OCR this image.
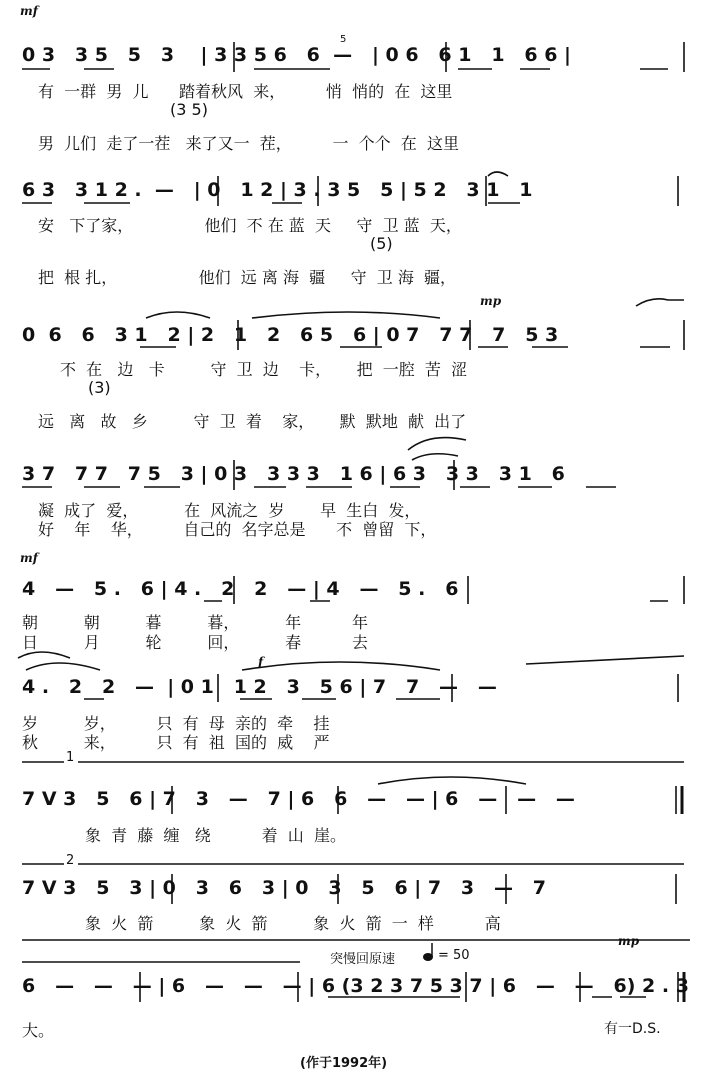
mf
mp
mf
f
mp
5
0 3   3 5   5   3    | 3 3 5 6   6  —   | 0 6   6 1   1   6 6 |
有  一群  男  儿      踏着秋风  来，        悄  悄的  在  这里
(3 5)
男  儿们  走了一茬   来了又一  茬，        一  个个  在  这里
6 3   3 1 2 .  —   | 0   1 2 | 3 . 3 5   5 | 5 2   3 1   1
安   下了家，              他们  不 在 蓝  天     守  卫 蓝  天，
(5)
把  根 扎，                他们  远 离 海  疆     守  卫 海  疆，
0  6   6   3 1   2 | 2   1   2   6 5   6 | 0 7   7 7   7   5 3
不  在   边   卡         守  卫  边    卡，     把  一腔  苦  涩
(3)
远   离   故   乡         守  卫  着    家，     默  默地  献  出了
3 7   7 7   7 5   3 | 0 3   3 3 3   1 6 | 6 3   3 3   3 1   6
凝  成了  爱，         在  风流之  岁       早  生白  发，
好    年    华，        自己的  名字总是      不  曾留  下，
4   —   5 .   6 | 4 .   2   2   — | 4   —   5 .   6
朝         朝         暮         暮，         年          年
日         月         轮         回，         春          去
4 .   2   2   —  | 0 1   1 2   3   5 6 | 7   7   —   —
岁         岁，        只  有  母  亲的  牵    挂
秋         来，        只  有  祖  国的  威    严
1
7 V 3   5   6 | 7   3   —   7 | 6   6   —   — | 6   —   —   —
象  青  藤  缠   绕          着  山  崖。
2
7 V 3   5   3 | 0   3   6   3 | 0   3   5   6 | 7   3   —   7
象  火  箭         象  火  箭         象  火  箭  一  样          高
突慢回原速	= 50
6   —   —   — | 6   —   —   — | 6 (3 2 3 7 5 3 7 | 6   —   —   6) 2 . 3
大。	有一D.S.
(作于1992年)
